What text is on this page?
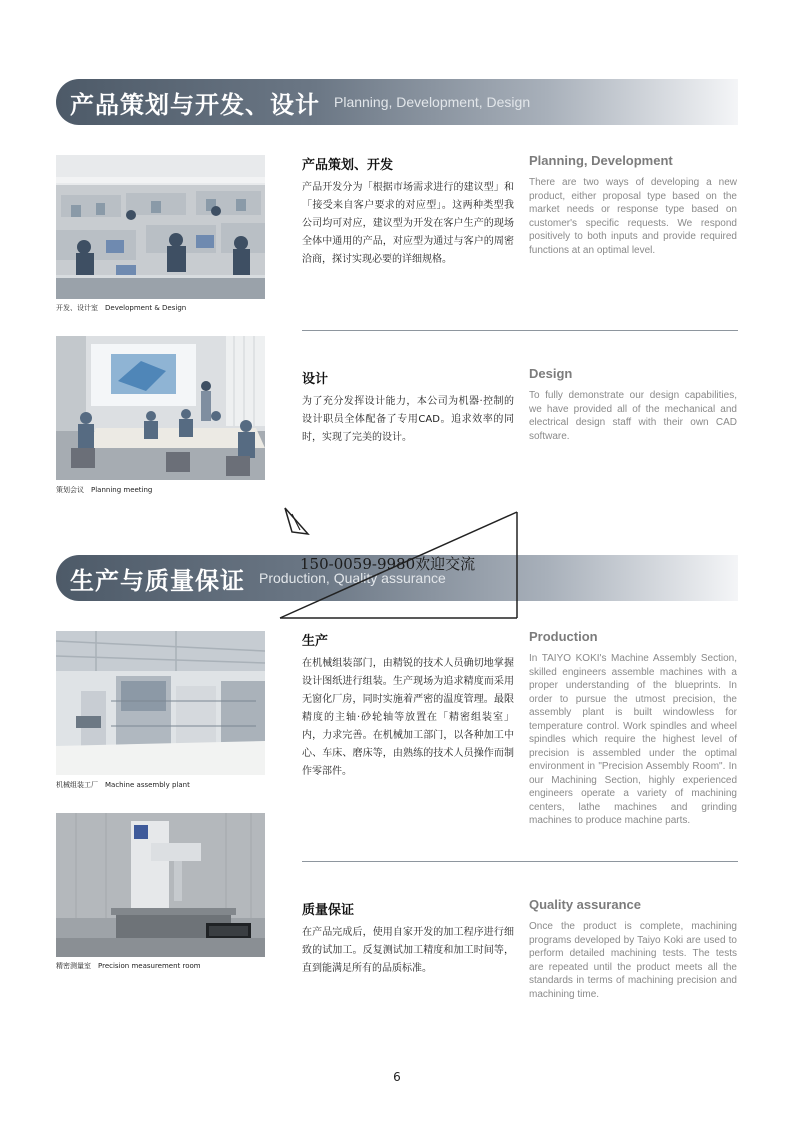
产品策划与开发、设计 Planning, Development, Design
开发、设计室　Development & Design
产品策划、开发

产品开发分为「根据市场需求进行的建议型」和「接受来自客户要求的对应型」。这两种类型我公司均可对应，建议型为开发在客户生产的现场全体中通用的产品，对应型为通过与客户的周密洽商，探讨实现必要的详细规格。

Planning, Development

There are two ways of developing a new product, either proposal type based on the market needs or response type based on customer's specific requests. We respond positively to both inputs and provide required functions at an optimal level.

策划会议　Planning meeting
设计

为了充分发挥设计能力，本公司为机器·控制的设计职员全体配备了专用CAD。追求效率的同时，实现了完美的设计。

Design

To fully demonstrate our design capabilities, we have provided all of the mechanical and electrical design staff with their own CAD software.

生产与质量保证 Production, Quality assurance
150-0059-9980欢迎交流
机械组装工厂　Machine assembly plant
生产

在机械组装部门，由精锐的技术人员确切地掌握设计图纸进行组装。生产现场为追求精度而采用无窗化厂房，同时实施着严密的温度管理。最限精度的主轴·砂轮轴等放置在「精密组装室」内，力求完善。在机械加工部门，以各种加工中心、车床、磨床等，由熟练的技术人员操作而制作零部件。

Production

In TAIYO KOKI's Machine Assembly Section, skilled engineers assemble machines with a proper understanding of the blueprints. In order to pursue the utmost precision, the assembly plant is built windowless for temperature control. Work spindles and wheel spindles which require the highest level of precision is assembled under the optimal environment in "Precision Assembly Room". In our Machining Section, highly experienced engineers operate a variety of machining centers, lathe machines and grinding machines to produce machine parts.

精密测量室　Precision measurement room
质量保证

在产品完成后，使用自家开发的加工程序进行细致的试加工。反复测试加工精度和加工时间等，直到能满足所有的品质标准。

Quality assurance

Once the product is complete, machining programs developed by Taiyo Koki are used to perform detailed machining tests. The tests are repeated until the product meets all the standards in terms of machining precision and machining time.

6
